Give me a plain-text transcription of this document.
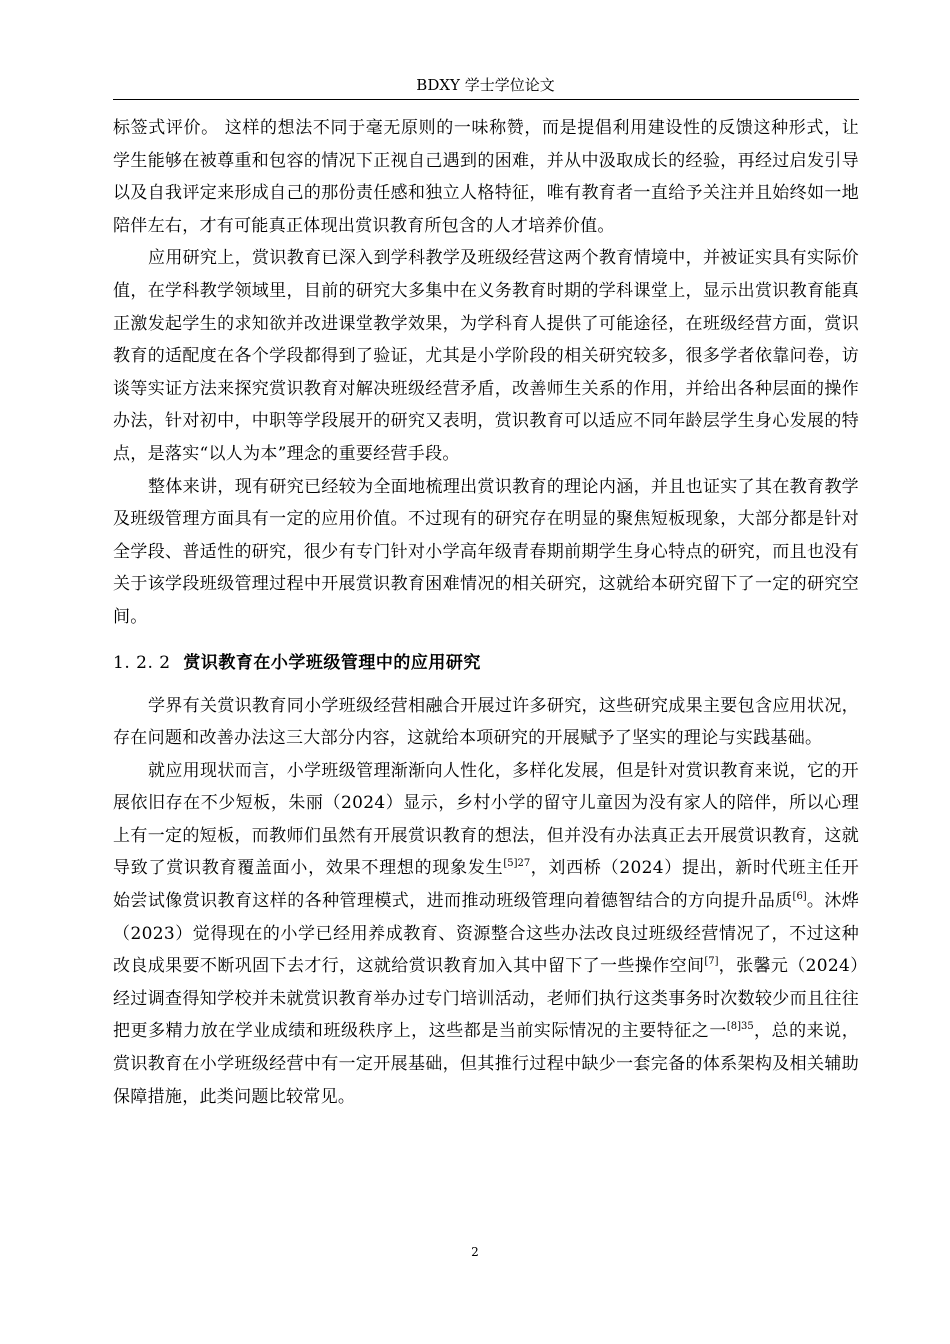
BDXY 学士学位论文

标签式评价。 这样的想法不同于毫无原则的一味称赞，而是提倡利用建设性的反馈这种形式，让学生能够在被尊重和包容的情况下正视自己遇到的困难，并从中汲取成长的经验，再经过启发引导以及自我评定来形成自己的那份责任感和独立人格特征，唯有教育者一直给予关注并且始终如一地陪伴左右，才有可能真正体现出赏识教育所包含的人才培养价值。

应用研究上，赏识教育已深入到学科教学及班级经营这两个教育情境中，并被证实具有实际价值，在学科教学领域里，目前的研究大多集中在义务教育时期的学科课堂上，显示出赏识教育能真正激发起学生的求知欲并改进课堂教学效果，为学科育人提供了可能途径，在班级经营方面，赏识教育的适配度在各个学段都得到了验证，尤其是小学阶段的相关研究较多，很多学者依靠问卷，访谈等实证方法来探究赏识教育对解决班级经营矛盾，改善师生关系的作用，并给出各种层面的操作办法，针对初中，中职等学段展开的研究又表明，赏识教育可以适应不同年龄层学生身心发展的特点，是落实“以人为本”理念的重要经营手段。

整体来讲，现有研究已经较为全面地梳理出赏识教育的理论内涵，并且也证实了其在教育教学及班级管理方面具有一定的应用价值。不过现有的研究存在明显的聚焦短板现象，大部分都是针对全学段、普适性的研究，很少有专门针对小学高年级青春期前期学生身心特点的研究，而且也没有关于该学段班级管理过程中开展赏识教育困难情况的相关研究，这就给本研究留下了一定的研究空间。

1. 2. 2 赏识教育在小学班级管理中的应用研究

学界有关赏识教育同小学班级经营相融合开展过许多研究，这些研究成果主要包含应用状况，存在问题和改善办法这三大部分内容，这就给本项研究的开展赋予了坚实的理论与实践基础。

就应用现状而言，小学班级管理渐渐向人性化，多样化发展，但是针对赏识教育来说，它的开展依旧存在不少短板，朱丽（2024）显示，乡村小学的留守儿童因为没有家人的陪伴，所以心理上有一定的短板，而教师们虽然有开展赏识教育的想法，但并没有办法真正去开展赏识教育，这就导致了赏识教育覆盖面小，效果不理想的现象发生$^{[5]27}$，刘西桥（2024）提出，新时代班主任开始尝试像赏识教育这样的各种管理模式，进而推动班级管理向着德智结合的方向提升品质[6]。沐烨（2023）觉得现在的小学已经用养成教育、资源整合这些办法改良过班级经营情况了，不过这种改良成果要不断巩固下去才行，这就给赏识教育加入其中留下了一些操作空间[7]，张馨元（2024）经过调查得知学校并未就赏识教育举办过专门培训活动，老师们执行这类事务时次数较少而且往往把更多精力放在学业成绩和班级秩序上，这些都是当前实际情况的主要特征之一$^{[8]35}$，总的来说，赏识教育在小学班级经营中有一定开展基础，但其推行过程中缺少一套完备的体系架构及相关辅助保障措施，此类问题比较常见。

2
